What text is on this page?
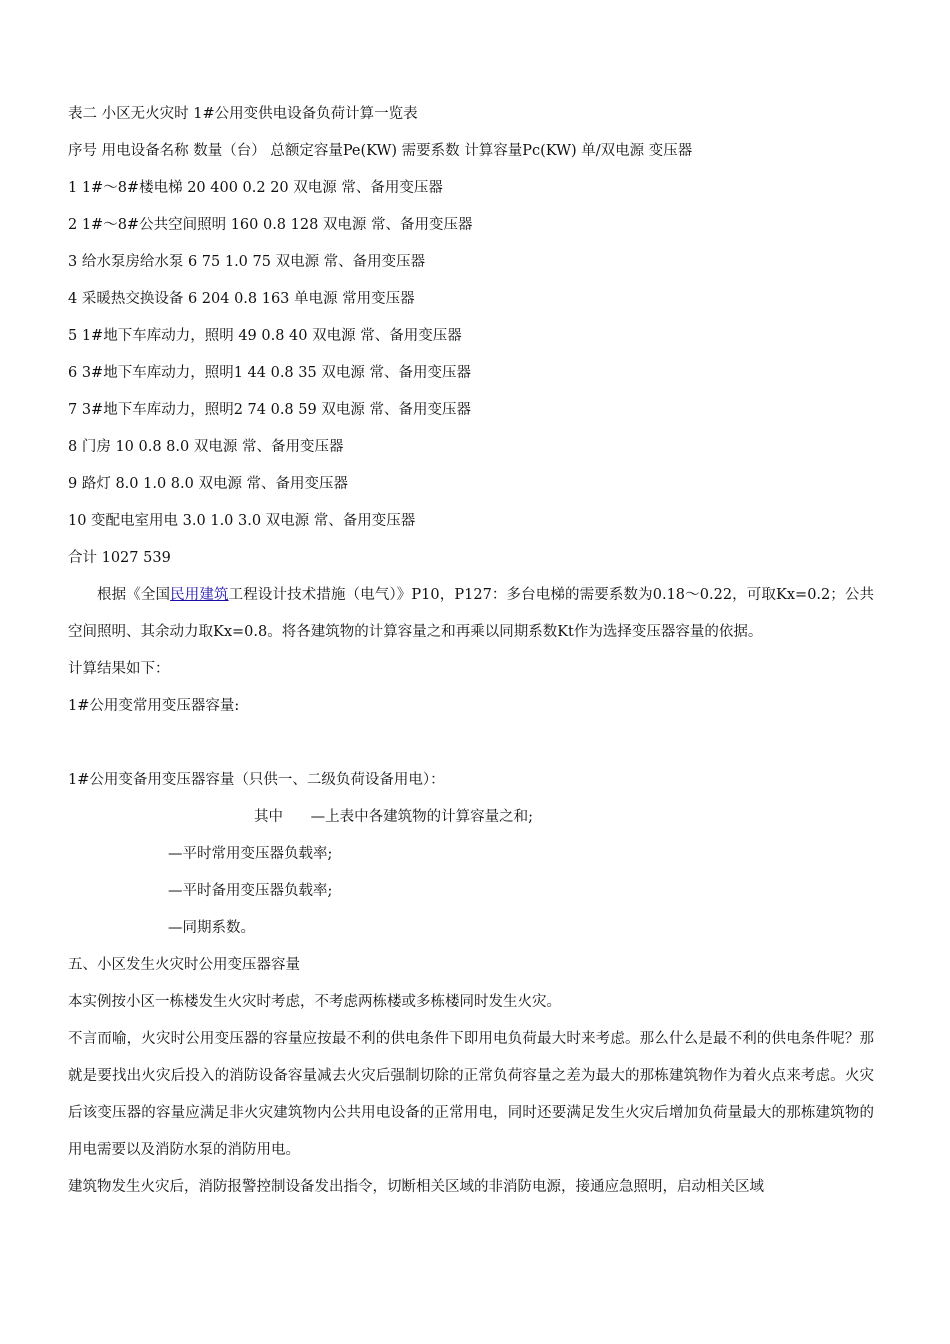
表二 小区无火灾时 1#公用变供电设备负荷计算一览表
序号 用电设备名称 数量（台） 总额定容量Pe(KW) 需要系数 计算容量Pc(KW) 单/双电源 变压器
1 1#～8#楼电梯 20 400 0.2 20 双电源 常、备用变压器
2 1#～8#公共空间照明 160 0.8 128 双电源 常、备用变压器
3 给水泵房给水泵 6 75 1.0 75 双电源 常、备用变压器
4 采暖热交换设备 6 204 0.8 163 单电源 常用变压器
5 1#地下车库动力，照明 49 0.8 40 双电源 常、备用变压器
6 3#地下车库动力，照明1 44 0.8 35 双电源 常、备用变压器
7 3#地下车库动力，照明2 74 0.8 59 双电源 常、备用变压器
8 门房 10 0.8 8.0 双电源 常、备用变压器
9 路灯 8.0 1.0 8.0 双电源 常、备用变压器
10 变配电室用电 3.0 1.0 3.0 双电源 常、备用变压器
合计 1027 539
根据《全国民用建筑工程设计技术措施（电气）》P10，P127：多台电梯的需要系数为0.18～0.22，可取Kx=0.2；公共空间照明、其余动力取Kx=0.8。将各建筑物的计算容量之和再乘以同期系数Kt作为选择变压器容量的依据。
计算结果如下：
1#公用变常用变压器容量:
1#公用变备用变压器容量（只供一、二级负荷设备用电）：
其中 —上表中各建筑物的计算容量之和;
—平时常用变压器负载率;
—平时备用变压器负载率;
—同期系数。
五、小区发生火灾时公用变压器容量
本实例按小区一栋楼发生火灾时考虑，不考虑两栋楼或多栋楼同时发生火灾。
不言而喻，火灾时公用变压器的容量应按最不利的供电条件下即用电负荷最大时来考虑。那么什么是最不利的供电条件呢？那就是要找出火灾后投入的消防设备容量减去火灾后强制切除的正常负荷容量之差为最大的那栋建筑物作为着火点来考虑。火灾后该变压器的容量应满足非火灾建筑物内公共用电设备的正常用电，同时还要满足发生火灾后增加负荷量最大的那栋建筑物的用电需要以及消防水泵的消防用电。
建筑物发生火灾后，消防报警控制设备发出指令，切断相关区域的非消防电源，接通应急照明，启动相关区域
